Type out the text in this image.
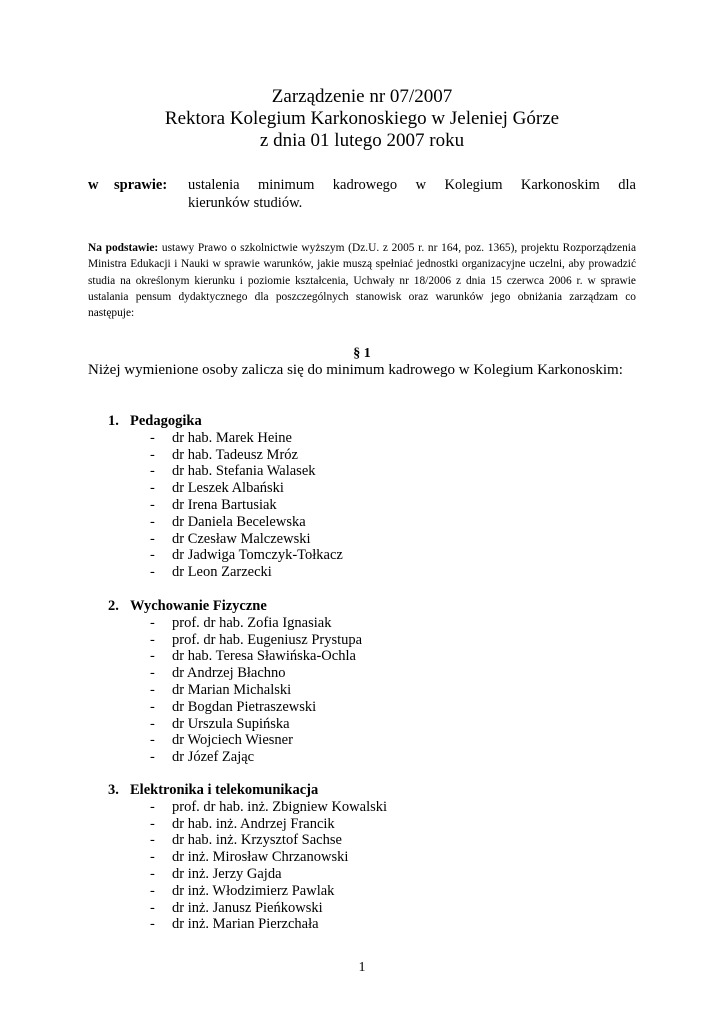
Zarządzenie nr 07/2007
Rektora Kolegium Karkonoskiego w Jeleniej Górze
z dnia 01 lutego 2007 roku
w sprawie: ustalenia minimum kadrowego w Kolegium Karkonoskim dla
kierunków studiów.
Na podstawie: ustawy Prawo o szkolnictwie wyższym (Dz.U. z 2005 r. nr 164, poz. 1365), projektu Rozporządzenia Ministra Edukacji i Nauki w sprawie warunków, jakie muszą spełniać jednostki organizacyjne uczelni, aby prowadzić studia na określonym kierunku i poziomie kształcenia, Uchwały nr 18/2006 z dnia 15 czerwca 2006 r. w sprawie ustalania pensum dydaktycznego dla poszczególnych stanowisk oraz warunków jego obniżania zarządzam co następuje:
§ 1
Niżej wymienione osoby zalicza się do minimum kadrowego w Kolegium Karkonoskim:
1. Pedagogika
- dr hab. Marek Heine
- dr hab. Tadeusz Mróz
- dr hab. Stefania Walasek
- dr Leszek Albański
- dr Irena Bartusiak
- dr Daniela Becelewska
- dr Czesław Malczewski
- dr Jadwiga Tomczyk-Tołkacz
- dr Leon Zarzecki
2. Wychowanie Fizyczne
- prof. dr hab. Zofia Ignasiak
- prof. dr hab. Eugeniusz Prystupa
- dr hab. Teresa Sławińska-Ochla
- dr Andrzej Błachno
- dr Marian Michalski
- dr Bogdan Pietraszewski
- dr Urszula Supińska
- dr Wojciech Wiesner
- dr Józef Zając
3. Elektronika i telekomunikacja
- prof. dr hab. inż. Zbigniew Kowalski
- dr hab. inż. Andrzej Francik
- dr hab. inż. Krzysztof Sachse
- dr inż. Mirosław Chrzanowski
- dr inż. Jerzy Gajda
- dr inż. Włodzimierz Pawlak
- dr inż. Janusz Pieńkowski
- dr inż. Marian Pierzchała
1
